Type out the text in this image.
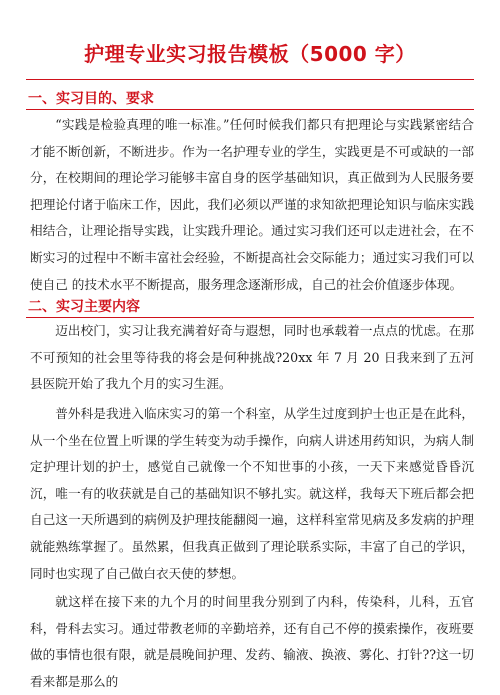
护理专业实习报告模板（5000 字）
一、实习目的、要求

“实践是检验真理的唯一标准。”任何时候我们都只有把理论与实践紧密结合才能不断创新，不断进步。作为一名护理专业的学生，实践更是不可或缺的一部分，在校期间的理论学习能够丰富自身的医学基础知识，真正做到为人民服务要把理论付诸于临床工作，因此，我们必须以严谨的求知欲把理论知识与临床实践相结合，让理论指导实践，让实践升理论。通过实习我们还可以走进社会，在不断实习的过程中不断丰富社会经验，不断提高社会交际能力；通过实习我们可以使自己 的技术水平不断提高，服务理念逐渐形成，自己的社会价值逐步体现。

二、实习主要内容

迈出校门，实习让我充满着好奇与遐想，同时也承载着一点点的忧虑。在那不可预知的社会里等待我的将会是何种挑战?20xx 年 7 月 20 日我来到了五河县医院开始了我九个月的实习生涯。

普外科是我进入临床实习的第一个科室，从学生过度到护士也正是在此科，从一个坐在位置上听课的学生转变为动手操作，向病人讲述用药知识，为病人制定护理计划的护士，感觉自己就像一个不知世事的小孩，一天下来感觉昏昏沉沉，唯一有的收获就是自己的基础知识不够扎实。就这样，我每天下班后都会把自己这一天所遇到的病例及护理技能翻阅一遍，这样科室常见病及多发病的护理就能熟练掌握了。虽然累，但我真正做到了理论联系实际，丰富了自己的学识，同时也实现了自己做白衣天使的梦想。

就这样在接下来的九个月的时间里我分别到了内科，传染科，儿科，五官科，骨科去实习。通过带教老师的辛勤培养，还有自己不停的摸索操作，夜班要做的事情也很有限，就是晨晚间护理、发药、输液、换液、雾化、打针??这一切看来都是那么的
